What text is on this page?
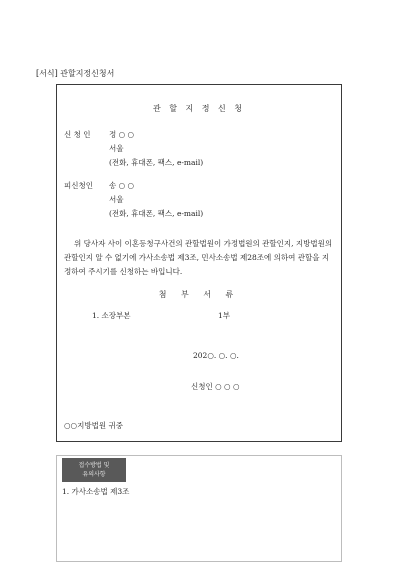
[서식] 관할지정신청서
관 할 지 정 신 청
신 청 인 정 ○ ○
서울
(전화, 휴대폰, 팩스, e-mail)
피신청인 송 ○ ○
서울
(전화, 휴대폰, 팩스, e-mail)
위 당사자 사이 이혼등청구사건의 관할법원이 가정법원의 관할인지, 지방법원의 관할인지 알 수 없기에 가사소송법 제3조, 민사소송법 제28조에 의하여 관할을 지정하여 주시기를 신청하는 바입니다.
첨 부 서 류
1. 소장부본	1부
202○. ○. ○.
신청인 ○ ○ ○
○○지방법원 귀중
접수방법 및
유의사항
1. 가사소송법 제3조
